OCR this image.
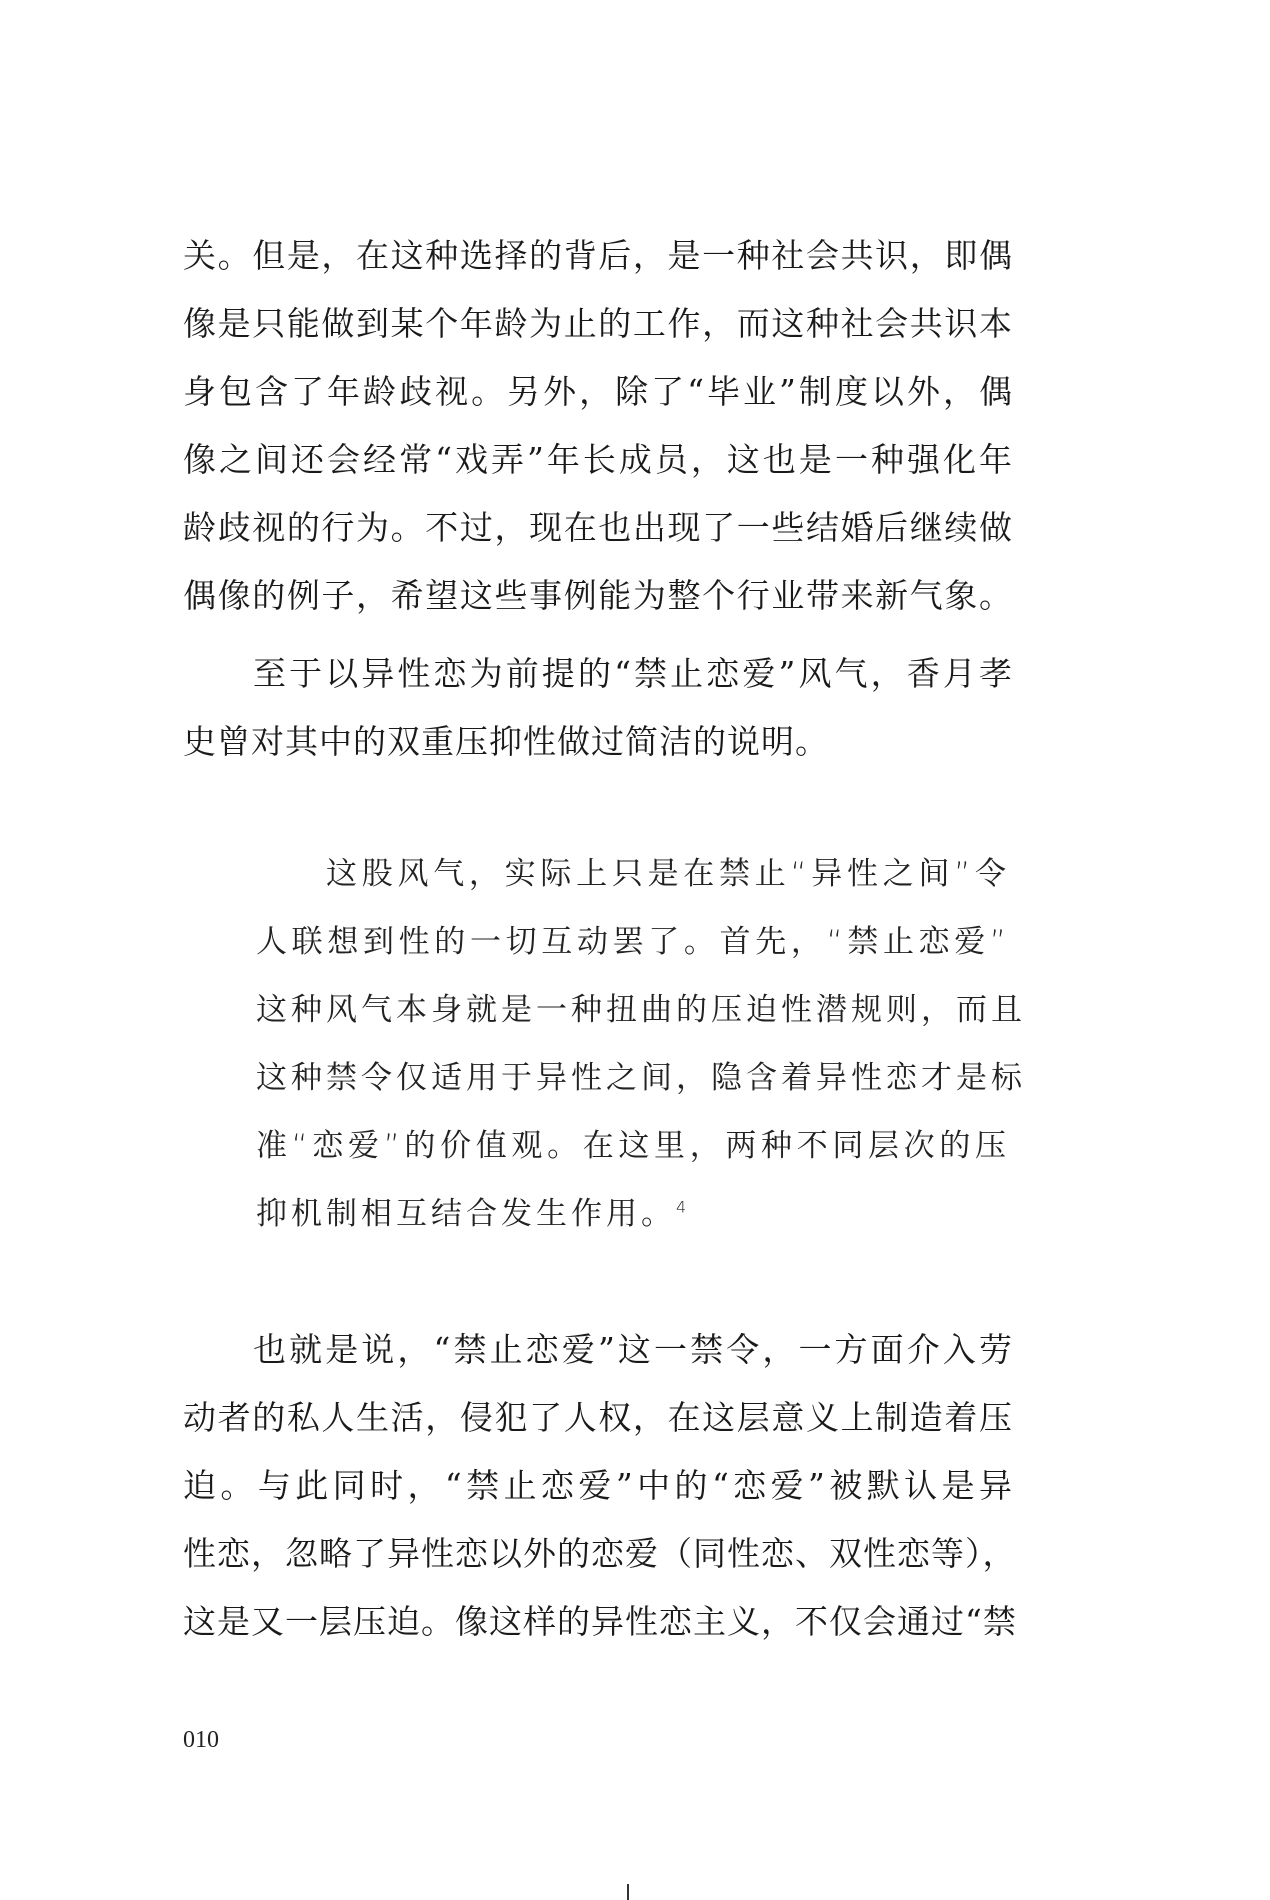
关。但是，在这种选择的背后，是一种社会共识，即偶
像是只能做到某个年龄为止的工作，而这种社会共识本
身包含了年龄歧视。另外，除了“毕业”制度以外，偶
像之间还会经常“戏弄”年长成员，这也是一种强化年
龄歧视的行为。不过，现在也出现了一些结婚后继续做
偶像的例子，希望这些事例能为整个行业带来新气象。
至于以异性恋为前提的“禁止恋爱”风气，香月孝
史曾对其中的双重压抑性做过简洁的说明。
这股风气，实际上只是在禁止“异性之间”令
人联想到性的一切互动罢了。首先，“禁止恋爱”
这种风气本身就是一种扭曲的压迫性潜规则，而且
这种禁令仅适用于异性之间，隐含着异性恋才是标
准“恋爱”的价值观。在这里，两种不同层次的压
抑机制相互结合发生作用。$^4$
也就是说，“禁止恋爱”这一禁令，一方面介入劳
动者的私人生活，侵犯了人权，在这层意义上制造着压
迫。与此同时，“禁止恋爱”中的“恋爱”被默认是异
性恋，忽略了异性恋以外的恋爱（同性恋、双性恋等），
这是又一层压迫。像这样的异性恋主义，不仅会通过“禁
010
